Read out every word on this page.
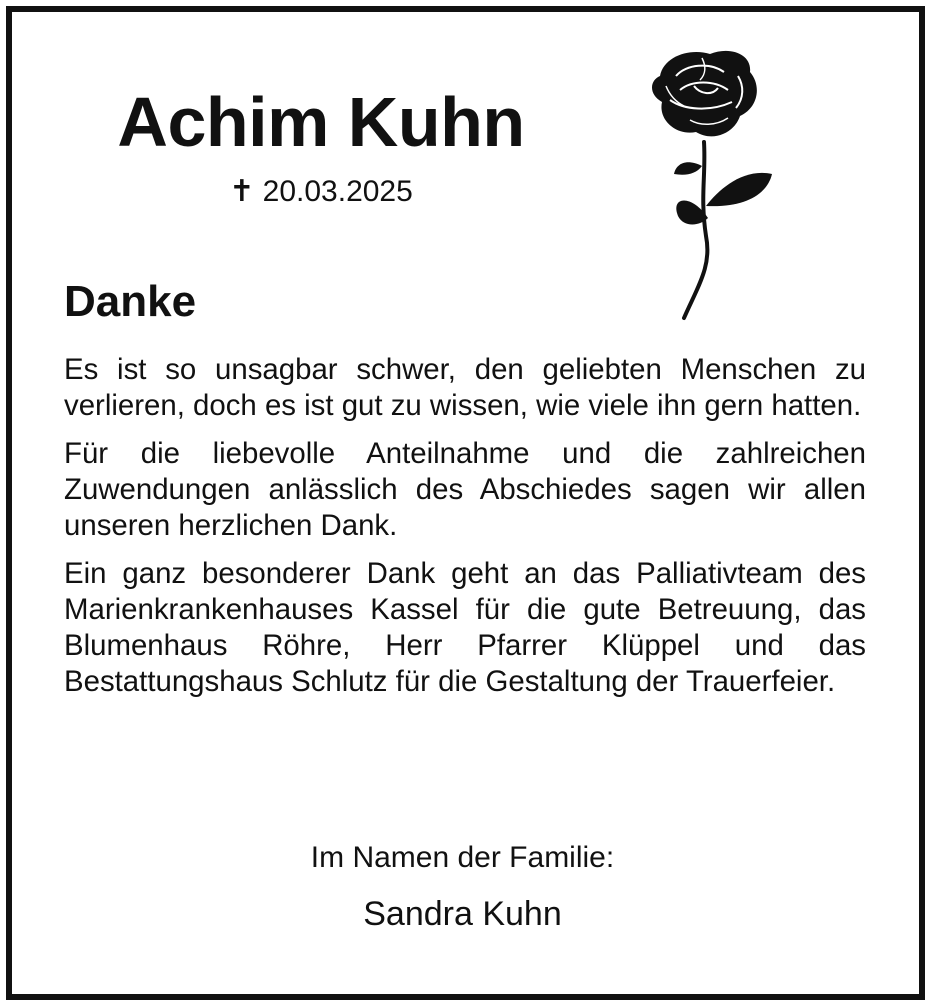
Achim Kuhn
✝ 20.03.2025
Danke

Es ist so unsagbar schwer, den geliebten Menschen zu verlieren, doch es ist gut zu wissen, wie viele ihn gern hatten.

Für die liebevolle Anteilnahme und die zahlreichen Zuwendungen anlässlich des Abschiedes sagen wir allen unseren herzlichen Dank.

Ein ganz besonderer Dank geht an das Palliativteam des Marienkrankenhauses Kassel für die gute Betreuung, das Blumenhaus Röhre, Herr Pfarrer Klüppel und das Bestattungshaus Schlutz für die Gestaltung der Trauerfeier.

Im Namen der Familie:
Sandra Kuhn
